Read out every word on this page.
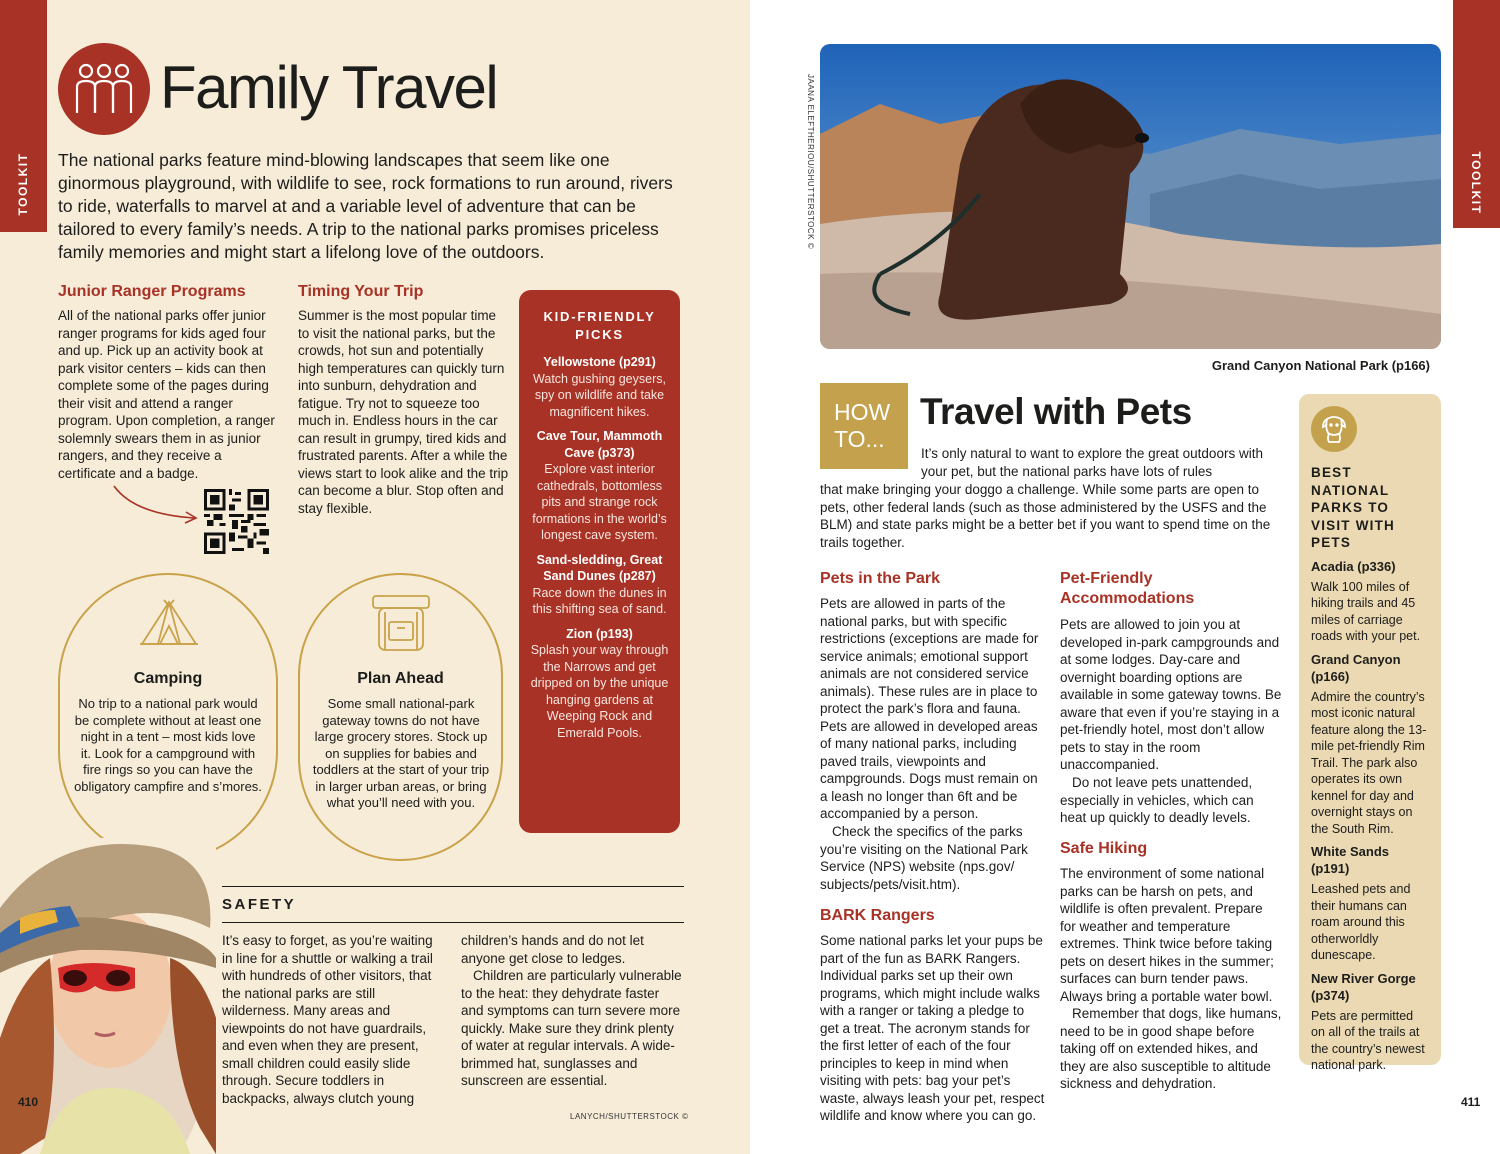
TOOLKIT
Family Travel

The national parks feature mind-blowing landscapes that seem like one ginormous playground, with wildlife to see, rock formations to run around, rivers to ride, waterfalls to marvel at and a variable level of adventure that can be tailored to every family’s needs. A trip to the national parks promises priceless family memories and might start a lifelong love of the outdoors.

Junior Ranger Programs

All of the national parks offer junior ranger programs for kids aged four and up. Pick up an activity book at park visitor centers – kids can then complete some of the pages during their visit and attend a ranger program. Upon completion, a ranger solemnly swears them in as junior rangers, and they receive a certificate and a badge.

Timing Your Trip

Summer is the most popular time to visit the national parks, but the crowds, hot sun and potentially high temperatures can quickly turn into sunburn, dehydration and fatigue. Try not to squeeze too much in. Endless hours in the car can result in grumpy, tired kids and frustrated parents. After a while the views start to look alike and the trip can become a blur. Stop often and stay flexible.

KID-FRIENDLY PICKS
Yellowstone (p291)
Watch gushing geysers, spy on wildlife and take magnificent hikes.
Cave Tour, Mammoth Cave (p373)
Explore vast interior cathedrals, bottomless pits and strange rock formations in the world’s longest cave system.
Sand-sledding, Great Sand Dunes (p287)
Race down the dunes in this shifting sea of sand.
Zion (p193)
Splash your way through the Narrows and get dripped on by the unique hanging gardens at Weeping Rock and Emerald Pools.
Camping

No trip to a national park would be complete without at least one night in a tent – most kids love it. Look for a campground with fire rings so you can have the obligatory campfire and s’mores.

Plan Ahead

Some small national-park gateway towns do not have large grocery stores. Stock up on supplies for babies and toddlers at the start of your trip in larger urban areas, or bring what you’ll need with you.

SAFETY

It’s easy to forget, as you’re waiting in line for a shuttle or walking a trail with hundreds of other visitors, that the national parks are still wilderness. Many areas and viewpoints do not have guardrails, and even when they are present, small children could easily slide through. Secure toddlers in backpacks, always clutch young

children’s hands and do not let anyone get close to ledges.

Children are particularly vulnerable to the heat: they dehydrate faster and symptoms can turn severe more quickly. Make sure they drink plenty of water at regular intervals. A wide-brimmed hat, sunglasses and sunscreen are essential.

410
LANYCH/SHUTTERSTOCK ©
TOOLKIT
JAANA ELEFTHERIOU/SHUTTERSTOCK ©
Grand Canyon National Park (p166)
HOW
TO...
Travel with Pets

It’s only natural to want to explore the great outdoors with your pet, but the national parks have lots of rules

that make bringing your doggo a challenge. While some parts are open to pets, other federal lands (such as those administered by the USFS and the BLM) and state parks might be a better bet if you want to spend time on the trails together.

Pets in the Park

Pets are allowed in parts of the national parks, but with specific restrictions (exceptions are made for service animals; emotional support animals are not considered service animals). These rules are in place to protect the park’s flora and fauna. Pets are allowed in developed areas of many national parks, including paved trails, viewpoints and campgrounds. Dogs must remain on a leash no longer than 6ft and be accompanied by a person.

Check the specifics of the parks you’re visiting on the National Park Service (NPS) website (nps.gov/ subjects/pets/visit.htm).

BARK Rangers

Some national parks let your pups be part of the fun as BARK Rangers. Individual parks set up their own programs, which might include walks with a ranger or taking a pledge to get a treat. The acronym stands for the first letter of each of the four principles to keep in mind when visiting with pets: bag your pet’s waste, always leash your pet, respect wildlife and know where you can go.

Pet-Friendly Accommodations

Pets are allowed to join you at developed in-park campgrounds and at some lodges. Day-care and overnight boarding options are available in some gateway towns. Be aware that even if you’re staying in a pet-friendly hotel, most don’t allow pets to stay in the room unaccompanied.

Do not leave pets unattended, especially in vehicles, which can heat up quickly to deadly levels.

Safe Hiking

The environment of some national parks can be harsh on pets, and wildlife is often prevalent. Prepare for weather and temperature extremes. Think twice before taking pets on desert hikes in the summer; surfaces can burn tender paws. Always bring a portable water bowl.

Remember that dogs, like humans, need to be in good shape before taking off on extended hikes, and they are also susceptible to altitude sickness and dehydration.

BEST NATIONAL PARKS TO VISIT WITH PETS
Acadia (p336)
Walk 100 miles of hiking trails and 45 miles of carriage roads with your pet.
Grand Canyon (p166)
Admire the country’s most iconic natural feature along the 13-mile pet-friendly Rim Trail. The park also operates its own kennel for day and overnight stays on the South Rim.
White Sands (p191)
Leashed pets and their humans can roam around this otherworldly dunescape.
New River Gorge (p374)
Pets are permitted on all of the trails at the country’s newest national park.
411
